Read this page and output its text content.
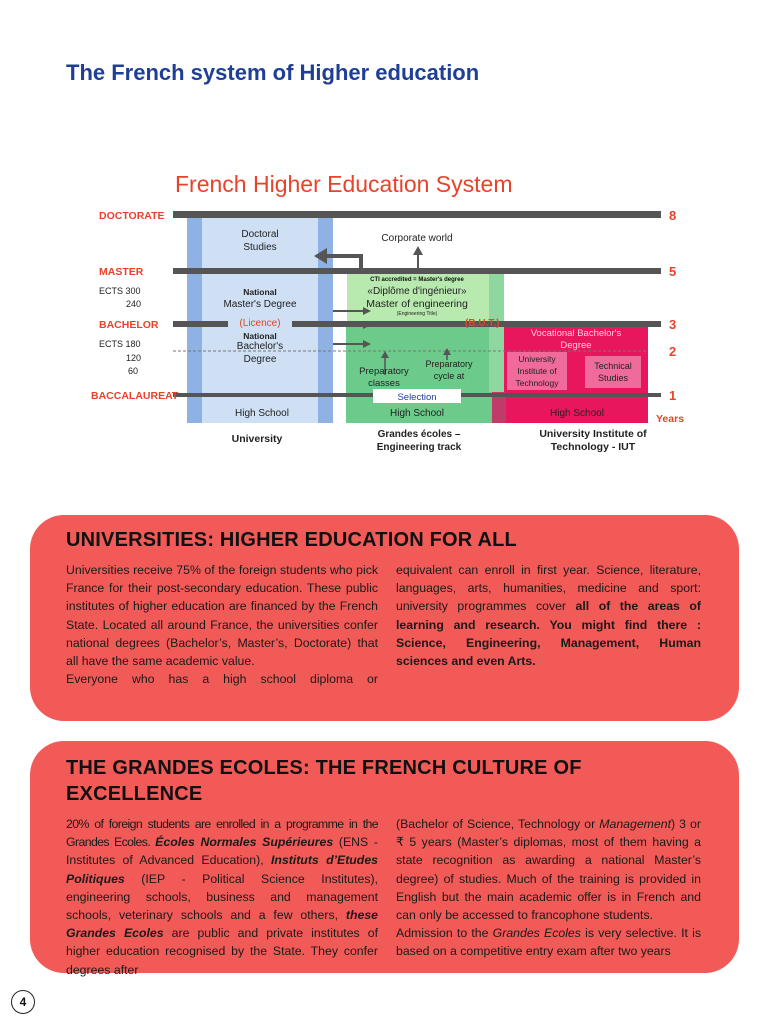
The French system of Higher education
French Higher Education System
DOCTORATE
MASTER
BACHELOR
BACCALAUREAT
ECTS 300
240
ECTS 180
120
60
8
5
3
2
1
Years
Doctoral
Studies
National
Master's Degree
(Licence)
National
Bachelor's
Degree
High School
University
Corporate world
CTI accredited = Master's degree
«Diplôme d'ingénieur»
Master of engineering
(Engineering Title)
(B.U.T.)
Preparatory
classes
Preparatory
cycle at
Selection
High School
Grandes écoles –
Engineering track
Vocational Bachelor's
Degree
University
Institute of
Technology
Technical
Studies
High School
University Institute of
Technology - IUT
UNIVERSITIES: HIGHER EDUCATION FOR ALL
Universities receive 75% of the foreign students who pick France for their post-secondary education. These public institutes of higher education are financed by the French State. Located all around France, the universities confer national degrees (Bachelor’s, Master’s, Doctorate) that all have the same academic value.
Everyone who has a high school diploma or
equivalent can enroll in first year. Science, literature, languages, arts, humanities, medicine and sport: university programmes cover all of the areas of learning and research. You might find there : Science, Engineering, Management, Human sciences and even Arts.
THE GRANDES ECOLES: THE FRENCH CULTURE OF
EXCELLENCE
20% of foreign students are enrolled in a programme in the Grandes Ecoles. Écoles Normales Supérieures (ENS -Institutes of Advanced Education), Instituts d’Etudes Politiques (IEP - Political Science Institutes), engineering schools, business and management schools, veterinary schools and a few others, these Grandes Ecoles are public and private institutes of higher education recognised by the State. They confer degrees after
(Bachelor of Science, Technology or Management) 3 or ₹ 5 years (Master’s diplomas, most of them having a state recognition as awarding a national Master’s degree) of studies. Much of the training is provided in English but the main academic offer is in French and can only be accessed to francophone students.
Admission to the Grandes Ecoles is very selective. It is based on a competitive entry exam after two years
4
